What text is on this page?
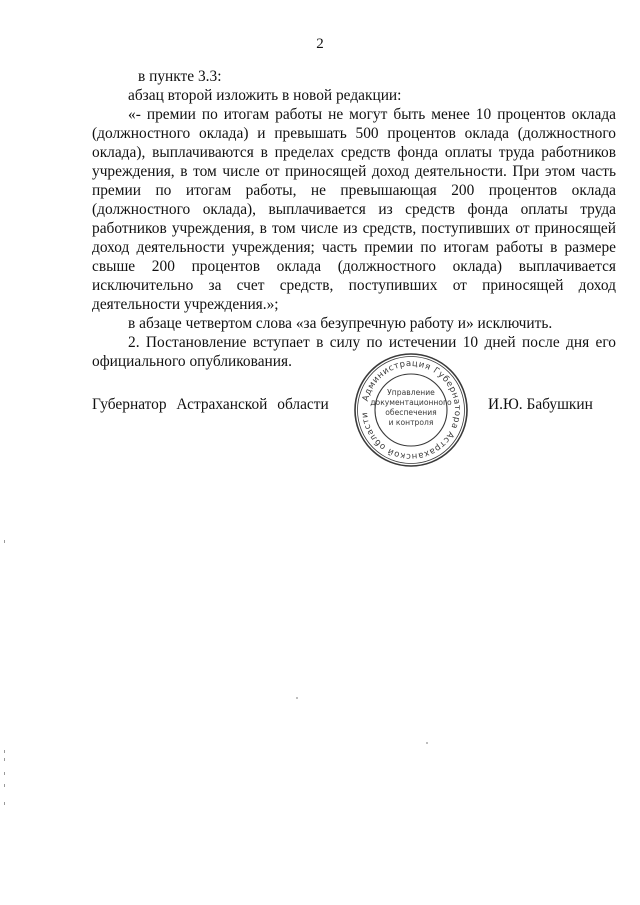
2

в пункте 3.3:

абзац второй изложить в новой редакции:

«- премии по итогам работы не могут быть менее 10 процентов оклада (должностного оклада) и превышать 500 процентов оклада (должностного оклада), выплачиваются в пределах средств фонда оплаты труда работников учреждения, в том числе от приносящей доход деятельности. При этом часть премии по итогам работы, не превышающая 200 процентов оклада (должностного оклада), выплачивается из средств фонда оплаты труда работников учреждения, в том числе из средств, поступивших от приносящей доход деятельности учреждения; часть премии по итогам работы в размере свыше 200 процентов оклада (должностного оклада) выплачивается исключительно за счет средств, поступивших от приносящей доход деятельности учреждения.»;

в абзаце четвертом слова «за безупречную работу и» исключить.

2. Постановление вступает в силу по истечении 10 дней после дня его официального опубликования.

Губернатор Астраханской области	Администрация Губернатора Астраханской области
Управление
документационного
обеспечения
и контроля
И.Ю. Бабушкин
